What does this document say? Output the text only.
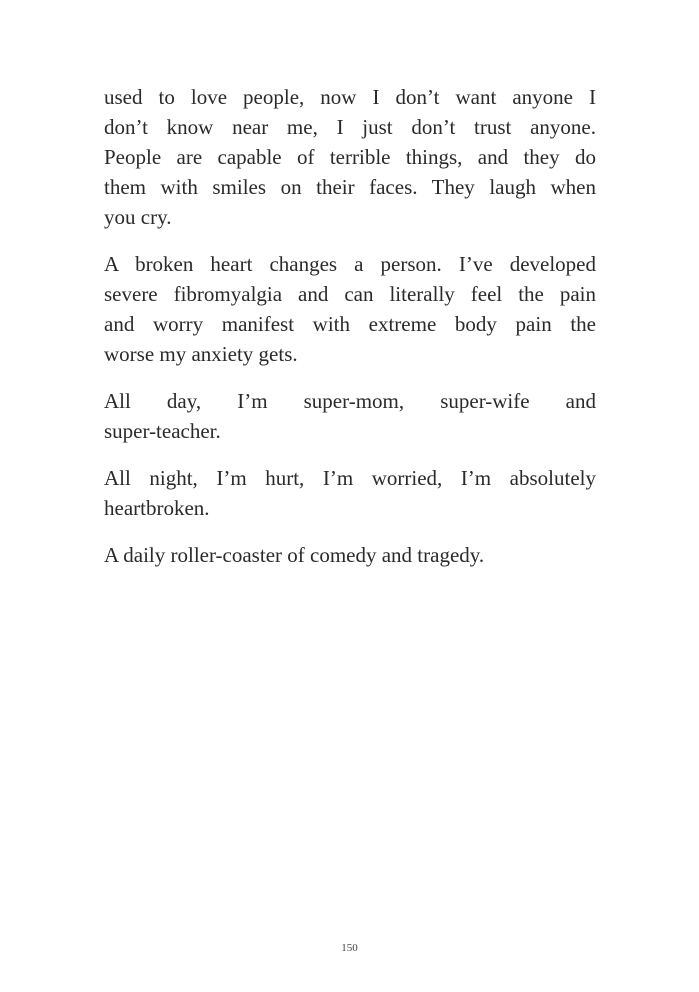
used to love people, now I don’t want anyone I
don’t know near me, I just don’t trust anyone.
People are capable of terrible things, and they do
them with smiles on their faces. They laugh when
you cry.

A broken heart changes a person. I’ve developed
severe fibromyalgia and can literally feel the pain
and worry manifest with extreme body pain the
worse my anxiety gets.

All day, I’m super-mom, super-wife and
super-teacher.

All night, I’m hurt, I’m worried, I’m absolutely
heartbroken.

A daily roller-coaster of comedy and tragedy.

150
